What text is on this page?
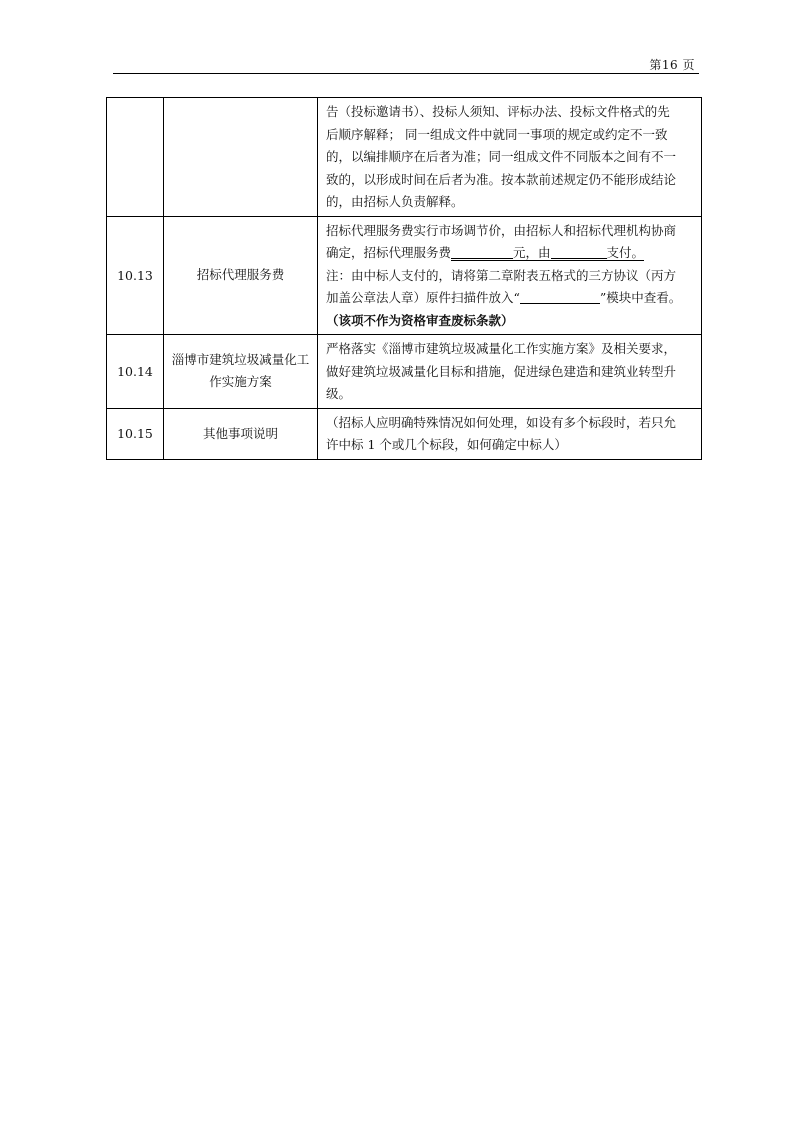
第16 页

		告（投标邀请书）、投标人须知、评标办法、投标文件格式的先
后顺序解释； 同一组成文件中就同一事项的规定或约定不一致
的，以编排顺序在后者为准；同一组成文件不同版本之间有不一
致的，以形成时间在后者为准。按本款前述规定仍不能形成结论
的，由招标人负责解释。

10.13	招标代理服务费	招标代理服务费实行市场调节价，由招标人和招标代理机构协商
确定，招标代理服务费 元，由 支付。
注：由中标人支付的，请将第二章附表五格式的三方协议（丙方
加盖公章法人章）原件扫描件放入“ ”模块中查看。
（该项不作为资格审查废标条款）

10.14	淄博市建筑垃圾减量化工作实施方案	严格落实《淄博市建筑垃圾减量化工作实施方案》及相关要求，
做好建筑垃圾减量化目标和措施，促进绿色建造和建筑业转型升
级。

10.15	其他事项说明	（招标人应明确特殊情况如何处理，如设有多个标段时，若只允
许中标 1 个或几个标段，如何确定中标人）
